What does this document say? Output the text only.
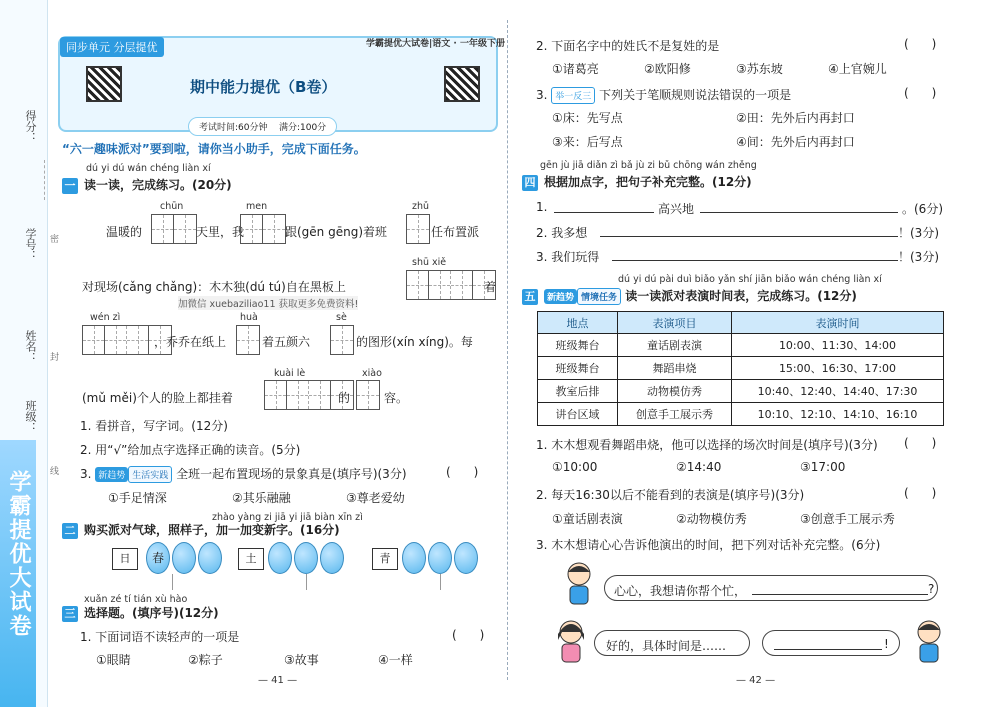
学霸提优大试卷
得分：
学号：
姓名：
班级：
密
封
线
同步单元 分层提优	学霸提优大试卷|语文 · 一年级下册
期中能力提优（B卷）
考试时间:60分钟 满分:100分
“六一趣味派对”要到啦，请你当小助手，完成下面任务。
dú yi dú wán chéng liàn xí
一 读一读，完成练习。(20分)
chūn	men	zhǔ
温暖的	天里，我	跟(gēn gēng)着班	任布置派
shū xiě
对现场(cǎng chǎng)：木木独(dú tú)自在黑板上	着
加微信 xuebaziliao11 获取更多免费资料!
wén zì	huà	sè
，乔乔在纸上	着五颜六	的图形(xín xíng)。每
kuài lè	xiào
(mǔ měi)个人的脸上都挂着	的	容。
1. 看拼音，写字词。(12分)
2. 用“√”给加点字选择正确的读音。(5分)
3. 新趋势 生活实践 全班一起布置现场的景象真是(填序号)(3分)	(      )
①手足情深	②其乐融融	③尊老爱幼
zhào yàng zi jiā yi jiā biàn xīn zì
二 购买派对气球，照样子，加一加变新字。(16分)
日	春	土	青
xuǎn zé tí tián xù hào
三 选择题。(填序号)(12分)
1. 下面词语不读轻声的一项是	(      )
①眼睛	②粽子	③故事	④一样
— 41 —
2. 下面名字中的姓氏不是复姓的是	(      )
①诸葛亮	②欧阳修	③苏东坡	④上官婉儿
3. 举一反三 下列关于笔顺规则说法错误的一项是	(      )
①床：先写点	②田：先外后内再封口
③来：后写点	④间：先外后内再封口
gēn jù jiā diǎn zì bǎ jù zi bǔ chōng wán zhěng
四 根据加点字，把句子补充完整。(12分)
1.	高兴地	。(6分)
2. 我多想	！(3分)
3. 我们玩得	！(3分)
dú yi dú pài duì biǎo yǎn shí jiān biǎo wán chéng liàn xí
五 新趋势 情境任务 读一读派对表演时间表，完成练习。(12分)
地点	表演项目	表演时间
班级舞台	童话剧表演	10:00、11:30、14:00
班级舞台	舞蹈串烧	15:00、16:30、17:00
教室后排	动物模仿秀	10:40、12:40、14:40、17:30
讲台区域	创意手工展示秀	10:10、12:10、14:10、16:10
1. 木木想观看舞蹈串烧，他可以选择的场次时间是(填序号)(3分) (      )
①10:00	②14:40	③17:00
2. 每天16:30以后不能看到的表演是(填序号)(3分)	(      )
①童话剧表演	②动物模仿秀	③创意手工展示秀
3. 木木想请心心告诉他演出的时间，把下列对话补充完整。(6分)
心心，我想请你帮个忙，	?
好的，具体时间是……	!
— 42 —
